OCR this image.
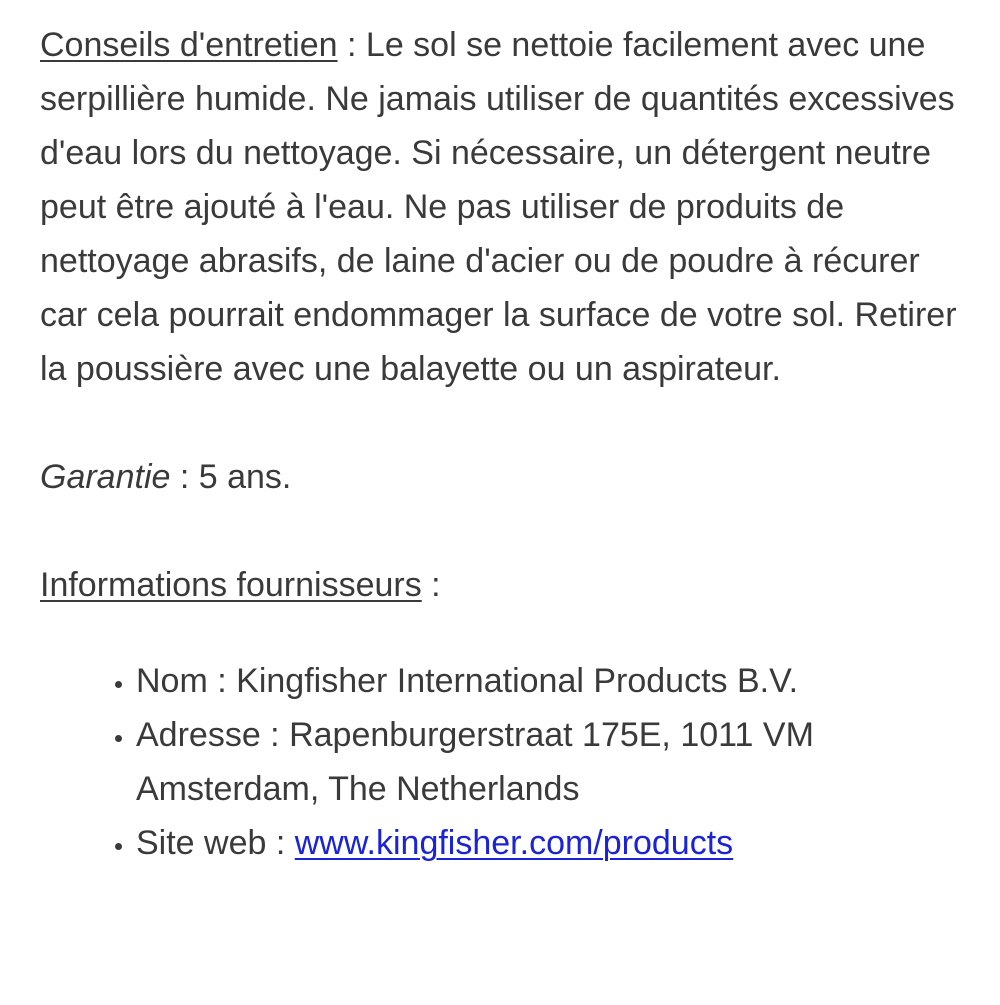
Conseils d'entretien : Le sol se nettoie facilement avec une serpillière humide. Ne jamais utiliser de quantités excessives d'eau lors du nettoyage. Si nécessaire, un détergent neutre peut être ajouté à l'eau. Ne pas utiliser de produits de nettoyage abrasifs, de laine d'acier ou de poudre à récurer car cela pourrait endommager la surface de votre sol. Retirer la poussière avec une balayette ou un aspirateur.

Garantie : 5 ans.

Informations fournisseurs :

• Nom : Kingfisher International Products B.V.
• Adresse : Rapenburgerstraat 175E, 1011 VM Amsterdam, The Netherlands
• Site web : www.kingfisher.com/products
